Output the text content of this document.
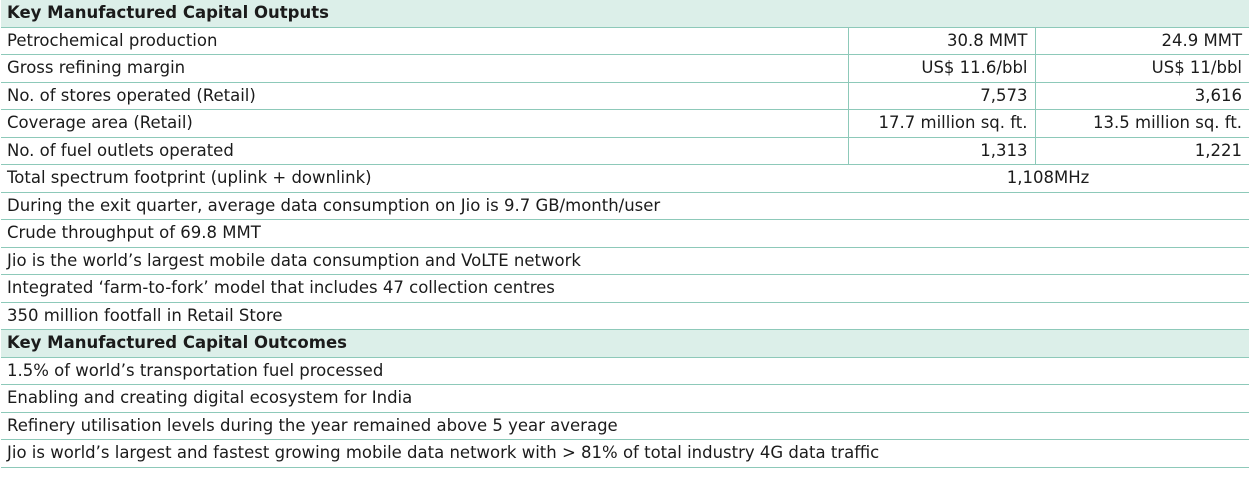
Key Manufactured Capital Outputs		
Petrochemical production	30.8 MMT	24.9 MMT
Gross refining margin	US$ 11.6/bbl	US$ 11/bbl
No. of stores operated (Retail)	7,573	3,616
Coverage area (Retail)	17.7 million sq. ft.	13.5 million sq. ft.
No. of fuel outlets operated	1,313	1,221
Total spectrum footprint (uplink + downlink)	1,108MHz	
During the exit quarter, average data consumption on Jio is 9.7 GB/month/user		
Crude throughput of 69.8 MMT		
Jio is the world’s largest mobile data consumption and VoLTE network		
Integrated ‘farm-to-fork’ model that includes 47 collection centres		
350 million footfall in Retail Store		
Key Manufactured Capital Outcomes		
1.5% of world’s transportation fuel processed		
Enabling and creating digital ecosystem for India		
Refinery utilisation levels during the year remained above 5 year average		
Jio is world’s largest and fastest growing mobile data network with > 81% of total industry 4G data traffic		
